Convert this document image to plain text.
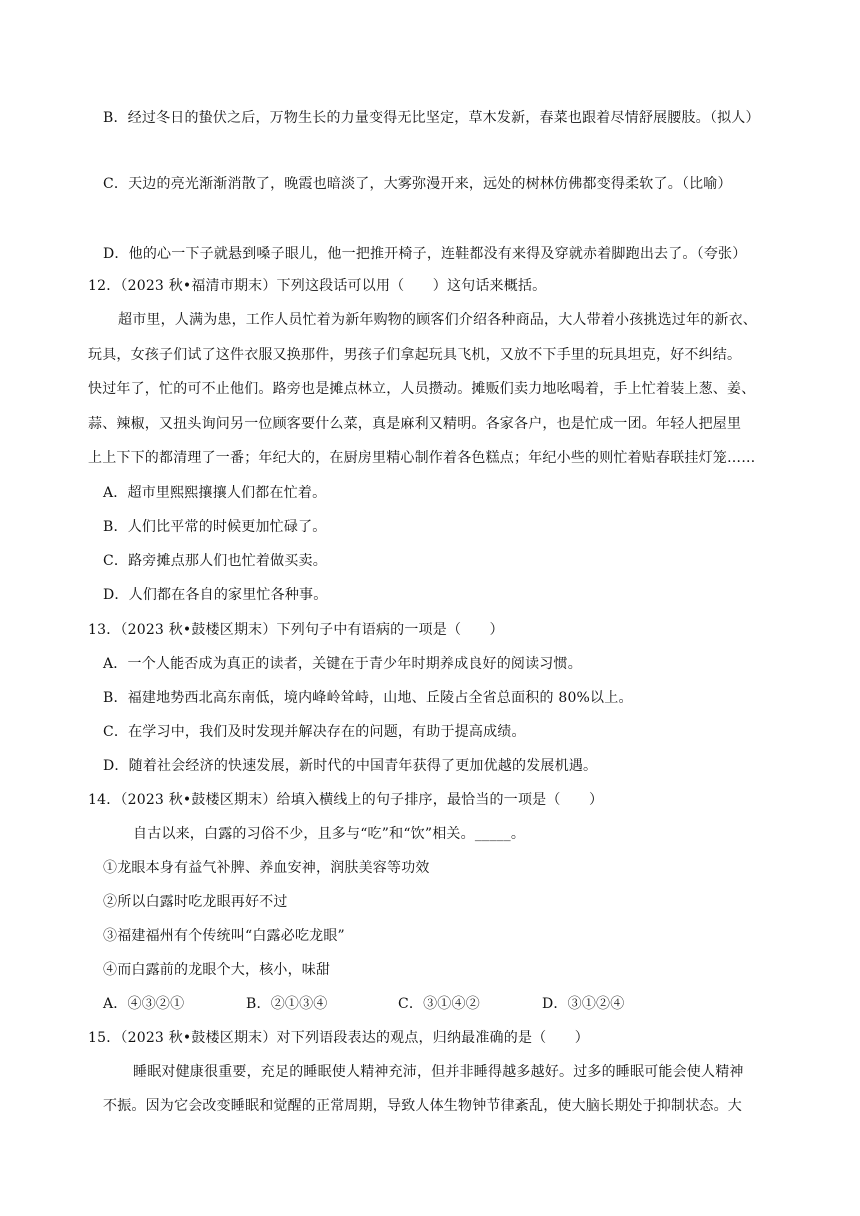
B．经过冬日的蛰伏之后，万物生长的力量变得无比坚定，草木发新，春菜也跟着尽情舒展腰肢。（拟人）
C．天边的亮光渐渐消散了，晚霞也暗淡了，大雾弥漫开来，远处的树林仿佛都变得柔软了。（比喻）
D．他的心一下子就悬到嗓子眼儿，他一把推开椅子，连鞋都没有来得及穿就赤着脚跑出去了。（夸张）
12．（2023 秋•福清市期末）下列这段话可以用（　　）这句话来概括。
超市里，人满为患，工作人员忙着为新年购物的顾客们介绍各种商品，大人带着小孩挑选过年的新衣、
玩具，女孩子们试了这件衣服又换那件，男孩子们拿起玩具飞机，又放不下手里的玩具坦克，好不纠结。
快过年了，忙的可不止他们。路旁也是摊点林立，人员攒动。摊贩们卖力地吆喝着，手上忙着装上葱、姜、
蒜、辣椒，又扭头询问另一位顾客要什么菜，真是麻利又精明。各家各户，也是忙成一团。年轻人把屋里
上上下下的都清理了一番；年纪大的，在厨房里精心制作着各色糕点；年纪小些的则忙着贴春联挂灯笼……
A．超市里熙熙攘攘人们都在忙着。
B．人们比平常的时候更加忙碌了。
C．路旁摊点那人们也忙着做买卖。
D．人们都在各自的家里忙各种事。
13．（2023 秋•鼓楼区期末）下列句子中有语病的一项是（　　）
A．一个人能否成为真正的读者，关键在于青少年时期养成良好的阅读习惯。
B．福建地势西北高东南低，境内峰岭耸峙，山地、丘陵占全省总面积的 80%以上。
C．在学习中，我们及时发现并解决存在的问题，有助于提高成绩。
D．随着社会经济的快速发展，新时代的中国青年获得了更加优越的发展机遇。
14．（2023 秋•鼓楼区期末）给填入横线上的句子排序，最恰当的一项是（　　）
自古以来，白露的习俗不少，且多与“吃”和“饮”相关。_____。
①龙眼本身有益气补脾、养血安神，润肤美容等功效
②所以白露时吃龙眼再好不过
③福建福州有个传统叫“白露必吃龙眼”
④而白露前的龙眼个大，核小，味甜
A．④③②①	B．②①③④	C．③①④②	D．③①②④
15．（2023 秋•鼓楼区期末）对下列语段表达的观点，归纳最准确的是（　　）
睡眠对健康很重要，充足的睡眠使人精神充沛，但并非睡得越多越好。过多的睡眠可能会使人精神
不振。因为它会改变睡眠和觉醒的正常周期，导致人体生物钟节律紊乱，使大脑长期处于抑制状态。大
